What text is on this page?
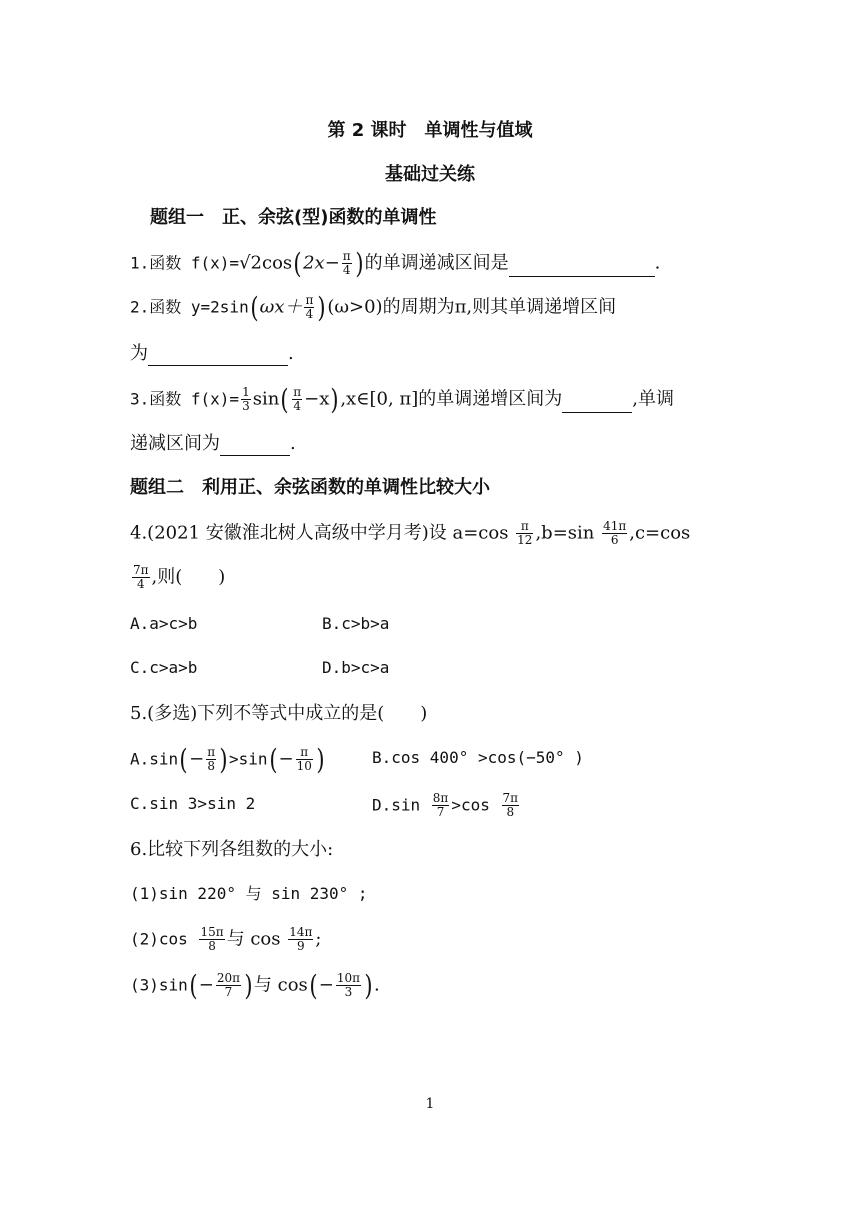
第 2 课时　单调性与值域
基础过关练
题组一　正、余弦(型)函数的单调性
1.函数 $f(x)=√2\cos(2x- \frac{\pi}{4}$ )的单调递减区间是	.
2.函数 $y=2\sin(\omega x+ \frac{\pi}{4} )(\omega>0)$的周期为π,则其单调递增区间
为	.
3.函数 $f(x)= \frac{1}{3} \sin( \frac{\pi}{4}$ −x),x∈[0, π]的单调递增区间为	,单调
递减区间为	.
题组二　利用正、余弦函数的单调性比较大小
4.(2021 安徽淮北树人高级中学月考)设 $a=\cos \frac{\pi}{12} ,b=\sin \frac{41\pi}{6} ,c=\cos$
$\frac{7\pi}{4}$ ,则(　　)
A.a>c>b	B.c>b>a
C.c>a>b	D.b>c>a
5.(多选)下列不等式中成立的是(　　)
$A.\sin(- \frac{\pi}{8} )>\sin(- \frac{\pi}{10}$ )	B.cos 400° >cos(−50° )
C.sin 3>sin 2	$D.\sin \frac{8\pi}{7} >\cos \frac{7\pi}{8}$
6.比较下列各组数的大小:
(1)sin 220° 与 sin 230° ;
$(2)\cos \frac{15\pi}{8}$ 与 $\cos \frac{14\pi}{9}$ ;
$(3)\sin(- \frac{20\pi}{7}$ )与 $\cos(- \frac{10\pi}{3}$ ).
1
